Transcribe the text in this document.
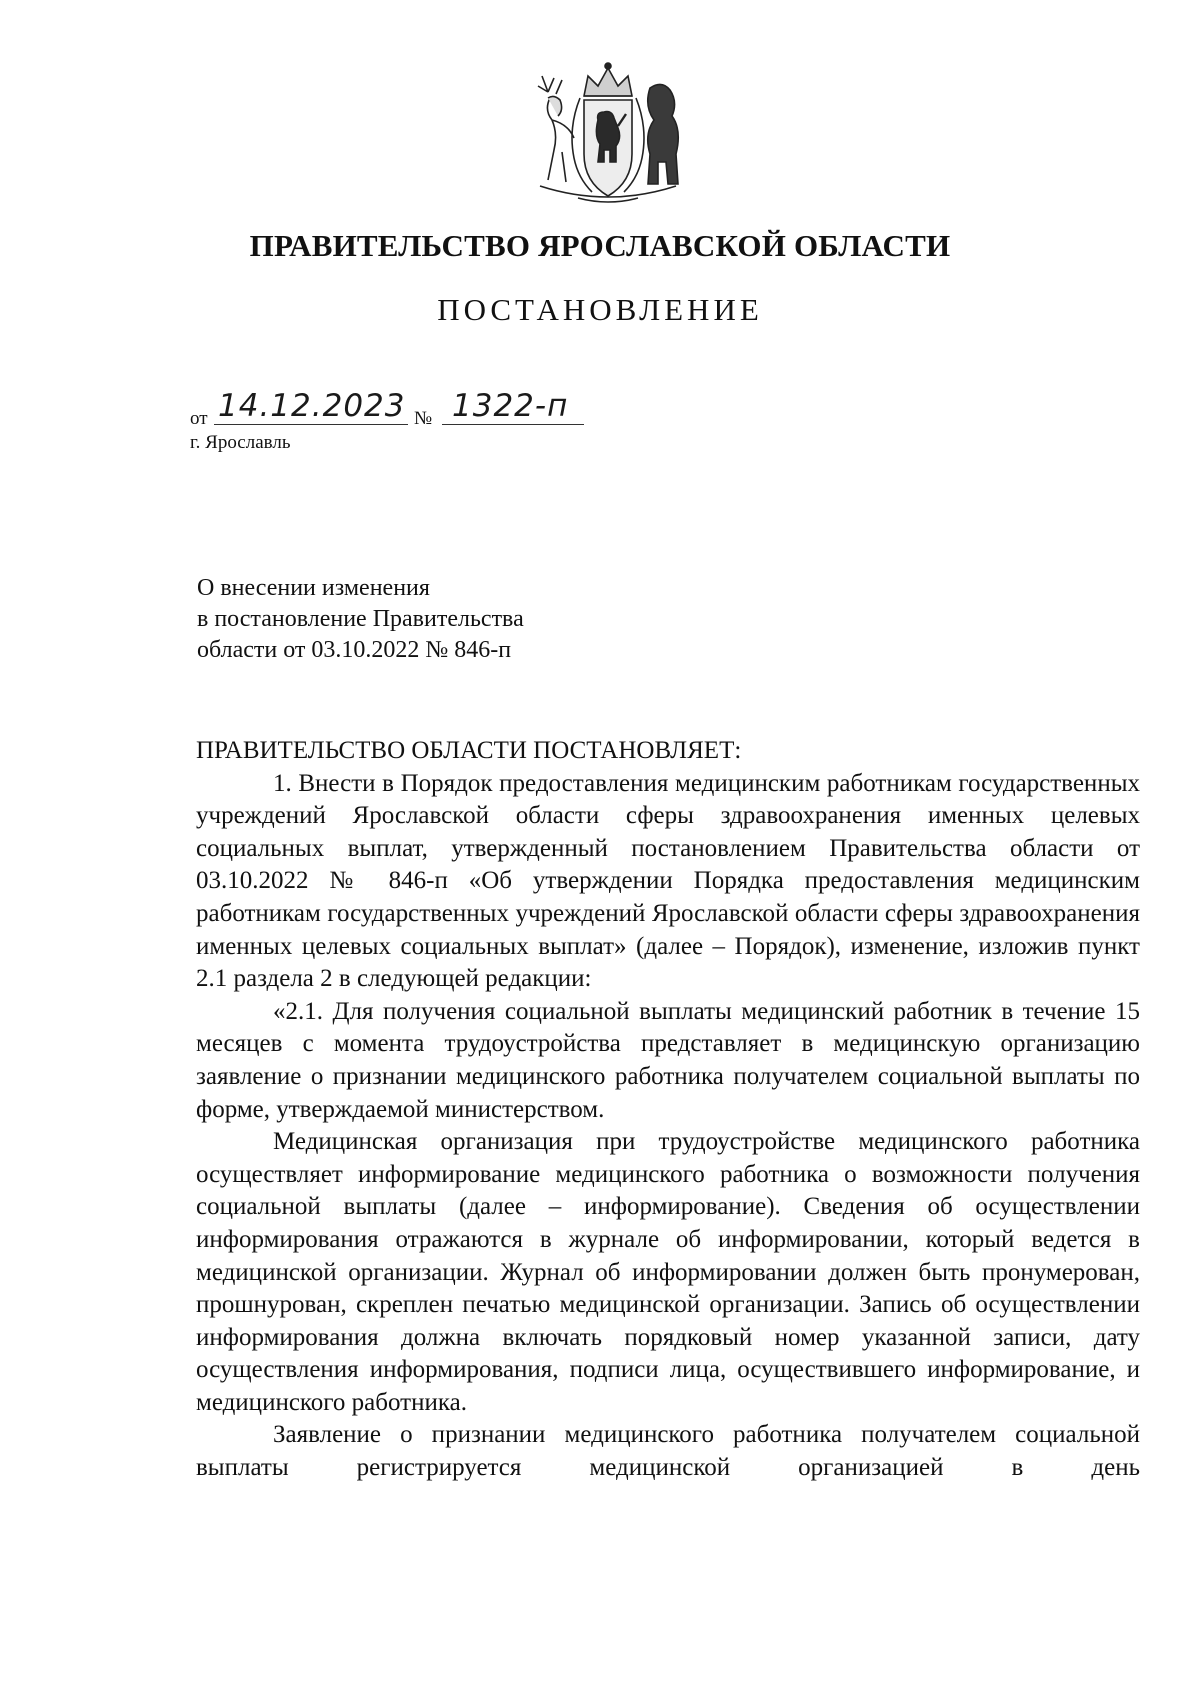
ПРАВИТЕЛЬСТВО ЯРОСЛАВСКОЙ ОБЛАСТИ
ПОСТАНОВЛЕНИЕ
от 14.12.2023 № 1322-п
г. Ярославль
О внесении изменения
в постановление Правительства
области от 03.10.2022 № 846-п

ПРАВИТЕЛЬСТВО ОБЛАСТИ ПОСТАНОВЛЯЕТ:

1. Внести в Порядок предоставления медицинским работникам государственных учреждений Ярославской области сферы здравоохранения именных целевых социальных выплат, утвержденный постановлением Правительства области от 03.10.2022 № 846-п «Об утверждении Порядка предоставления медицинским работникам государственных учреждений Ярославской области сферы здравоохранения именных целевых социальных выплат» (далее – Порядок), изменение, изложив пункт 2.1 раздела 2 в следующей редакции:

«2.1. Для получения социальной выплаты медицинский работник в течение 15 месяцев с момента трудоустройства представляет в медицинскую организацию заявление о признании медицинского работника получателем социальной выплаты по форме, утверждаемой министерством.

Медицинская организация при трудоустройстве медицинского работника осуществляет информирование медицинского работника о возможности получения социальной выплаты (далее – информирование). Сведения об осуществлении информирования отражаются в журнале об информировании, который ведется в медицинской организации. Журнал об информировании должен быть пронумерован, прошнурован, скреплен печатью медицинской организации. Запись об осуществлении информирования должна включать порядковый номер указанной записи, дату осуществления информирования, подписи лица, осуществившего информирование, и медицинского работника.

Заявление о признании медицинского работника получателем социальной выплаты регистрируется медицинской организацией в день
